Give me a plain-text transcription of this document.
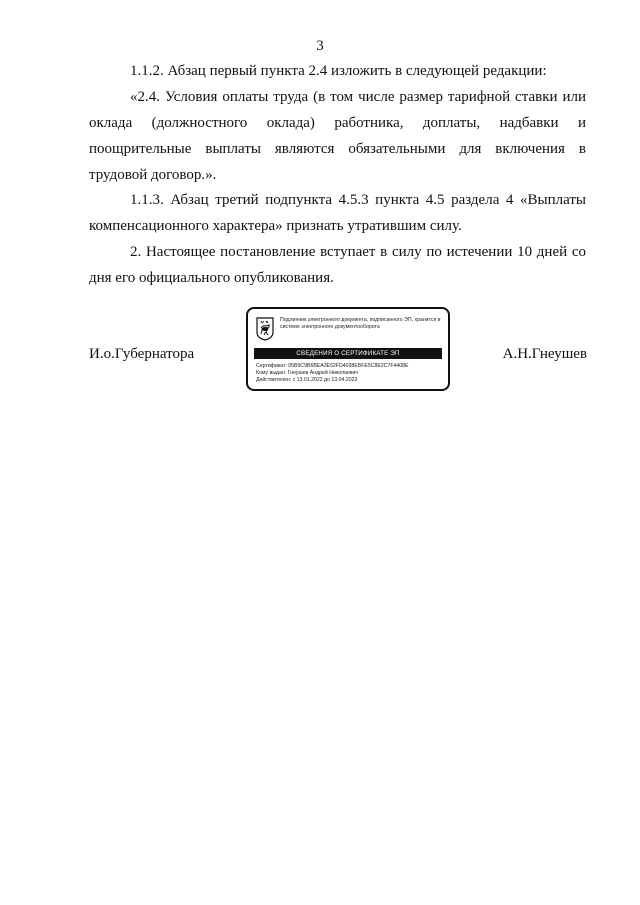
3
1.1.2. Абзац первый пункта 2.4 изложить в следующей редакции:
«2.4. Условия оплаты труда (в том числе размер тарифной ставки или оклада (должностного оклада) работника, доплаты, надбавки и поощрительные выплаты являются обязательными для включения в
трудовой договор.».
1.1.3. Абзац третий подпункта 4.5.3 пункта 4.5 раздела 4 «Выплаты компенсационного характера» признать утратившим силу.
2. Настоящее постановление вступает в силу по истечении 10 дней со дня его официального опубликования.
И.о.Губернатора
Подлинник электронного документа, подписанного ЭП, хранится в системе электронного документооборота
СВЕДЕНИЯ О СЕРТИФИКАТЕ ЭП
Сертификат: 05B9C9B6BEA3E52FD4038EBFE5C8E2C7F4408E
Кому выдан: Гнеушев Андрей Николаевич
Действителен: с 13.01.2022 до 13.04.2023
А.Н.Гнеушев
